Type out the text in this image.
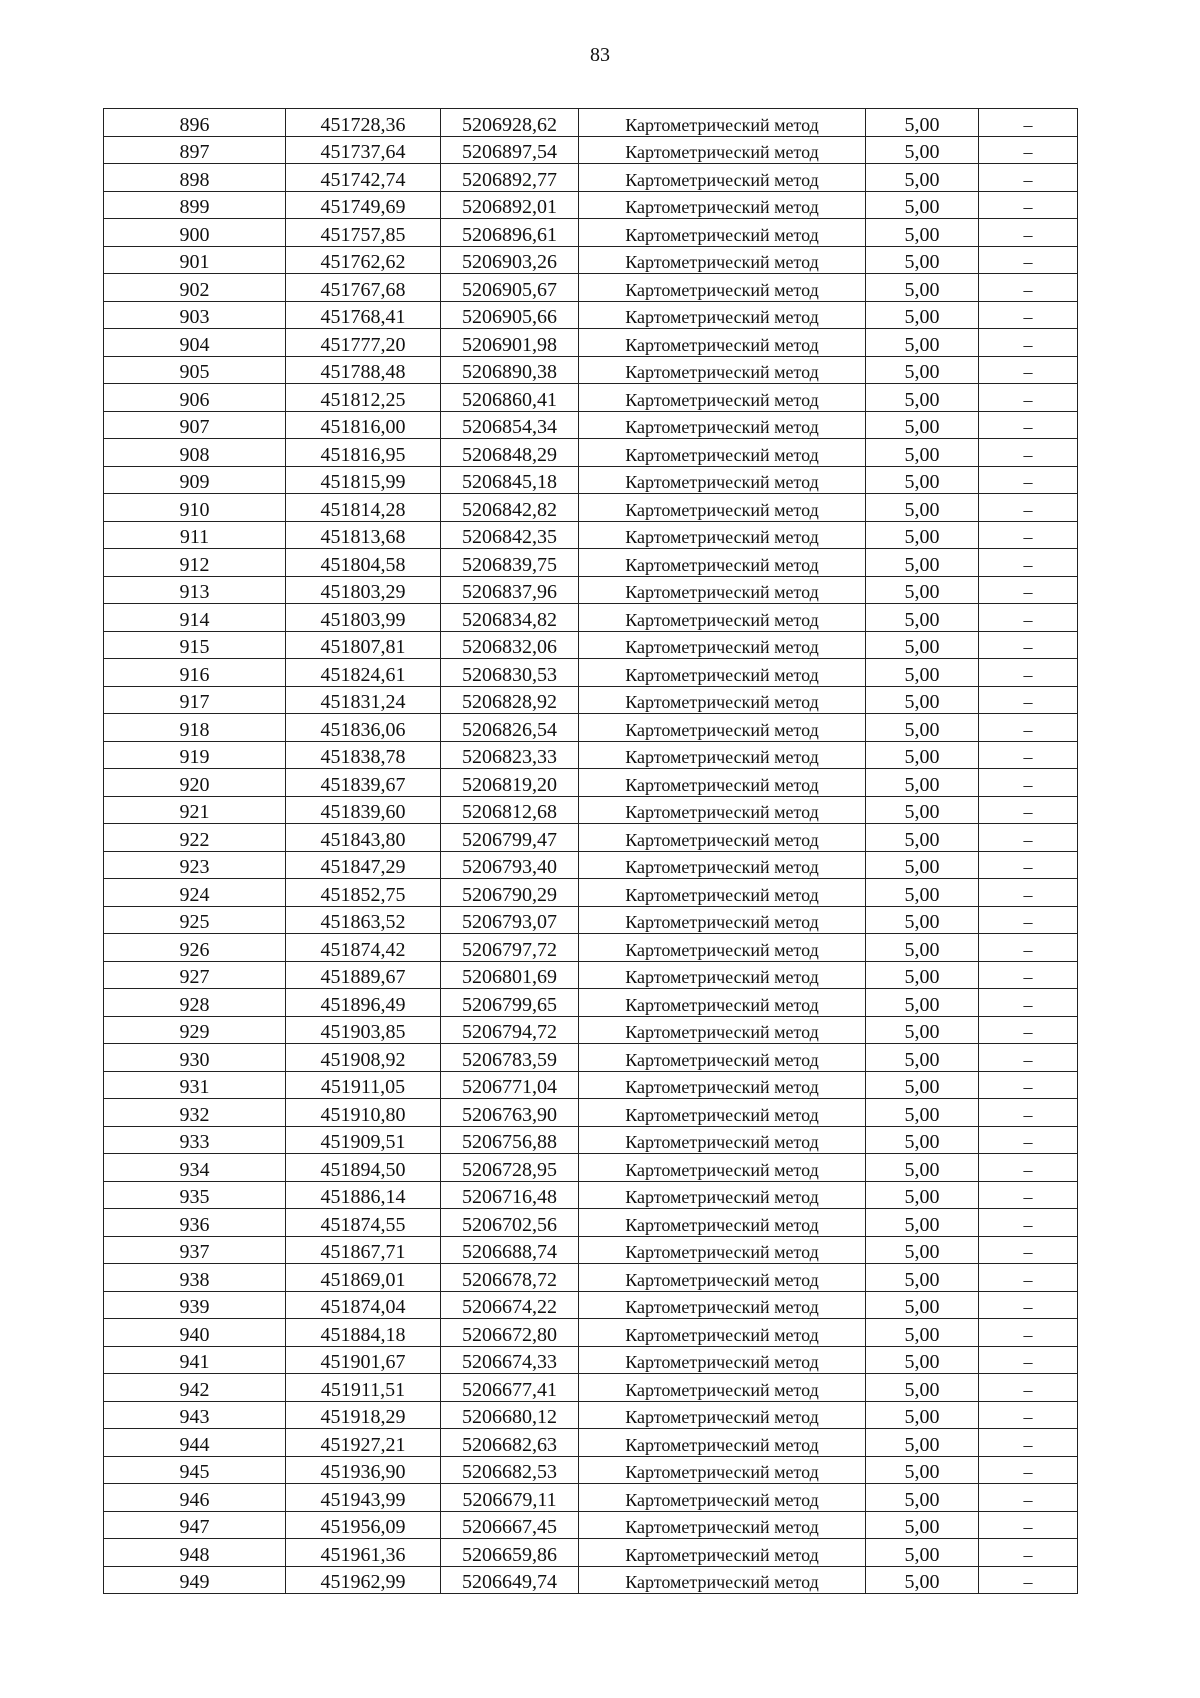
83
896	451728,36	5206928,62	Картометрический метод	5,00	–
897	451737,64	5206897,54	Картометрический метод	5,00	–
898	451742,74	5206892,77	Картометрический метод	5,00	–
899	451749,69	5206892,01	Картометрический метод	5,00	–
900	451757,85	5206896,61	Картометрический метод	5,00	–
901	451762,62	5206903,26	Картометрический метод	5,00	–
902	451767,68	5206905,67	Картометрический метод	5,00	–
903	451768,41	5206905,66	Картометрический метод	5,00	–
904	451777,20	5206901,98	Картометрический метод	5,00	–
905	451788,48	5206890,38	Картометрический метод	5,00	–
906	451812,25	5206860,41	Картометрический метод	5,00	–
907	451816,00	5206854,34	Картометрический метод	5,00	–
908	451816,95	5206848,29	Картометрический метод	5,00	–
909	451815,99	5206845,18	Картометрический метод	5,00	–
910	451814,28	5206842,82	Картометрический метод	5,00	–
911	451813,68	5206842,35	Картометрический метод	5,00	–
912	451804,58	5206839,75	Картометрический метод	5,00	–
913	451803,29	5206837,96	Картометрический метод	5,00	–
914	451803,99	5206834,82	Картометрический метод	5,00	–
915	451807,81	5206832,06	Картометрический метод	5,00	–
916	451824,61	5206830,53	Картометрический метод	5,00	–
917	451831,24	5206828,92	Картометрический метод	5,00	–
918	451836,06	5206826,54	Картометрический метод	5,00	–
919	451838,78	5206823,33	Картометрический метод	5,00	–
920	451839,67	5206819,20	Картометрический метод	5,00	–
921	451839,60	5206812,68	Картометрический метод	5,00	–
922	451843,80	5206799,47	Картометрический метод	5,00	–
923	451847,29	5206793,40	Картометрический метод	5,00	–
924	451852,75	5206790,29	Картометрический метод	5,00	–
925	451863,52	5206793,07	Картометрический метод	5,00	–
926	451874,42	5206797,72	Картометрический метод	5,00	–
927	451889,67	5206801,69	Картометрический метод	5,00	–
928	451896,49	5206799,65	Картометрический метод	5,00	–
929	451903,85	5206794,72	Картометрический метод	5,00	–
930	451908,92	5206783,59	Картометрический метод	5,00	–
931	451911,05	5206771,04	Картометрический метод	5,00	–
932	451910,80	5206763,90	Картометрический метод	5,00	–
933	451909,51	5206756,88	Картометрический метод	5,00	–
934	451894,50	5206728,95	Картометрический метод	5,00	–
935	451886,14	5206716,48	Картометрический метод	5,00	–
936	451874,55	5206702,56	Картометрический метод	5,00	–
937	451867,71	5206688,74	Картометрический метод	5,00	–
938	451869,01	5206678,72	Картометрический метод	5,00	–
939	451874,04	5206674,22	Картометрический метод	5,00	–
940	451884,18	5206672,80	Картометрический метод	5,00	–
941	451901,67	5206674,33	Картометрический метод	5,00	–
942	451911,51	5206677,41	Картометрический метод	5,00	–
943	451918,29	5206680,12	Картометрический метод	5,00	–
944	451927,21	5206682,63	Картометрический метод	5,00	–
945	451936,90	5206682,53	Картометрический метод	5,00	–
946	451943,99	5206679,11	Картометрический метод	5,00	–
947	451956,09	5206667,45	Картометрический метод	5,00	–
948	451961,36	5206659,86	Картометрический метод	5,00	–
949	451962,99	5206649,74	Картометрический метод	5,00	–
